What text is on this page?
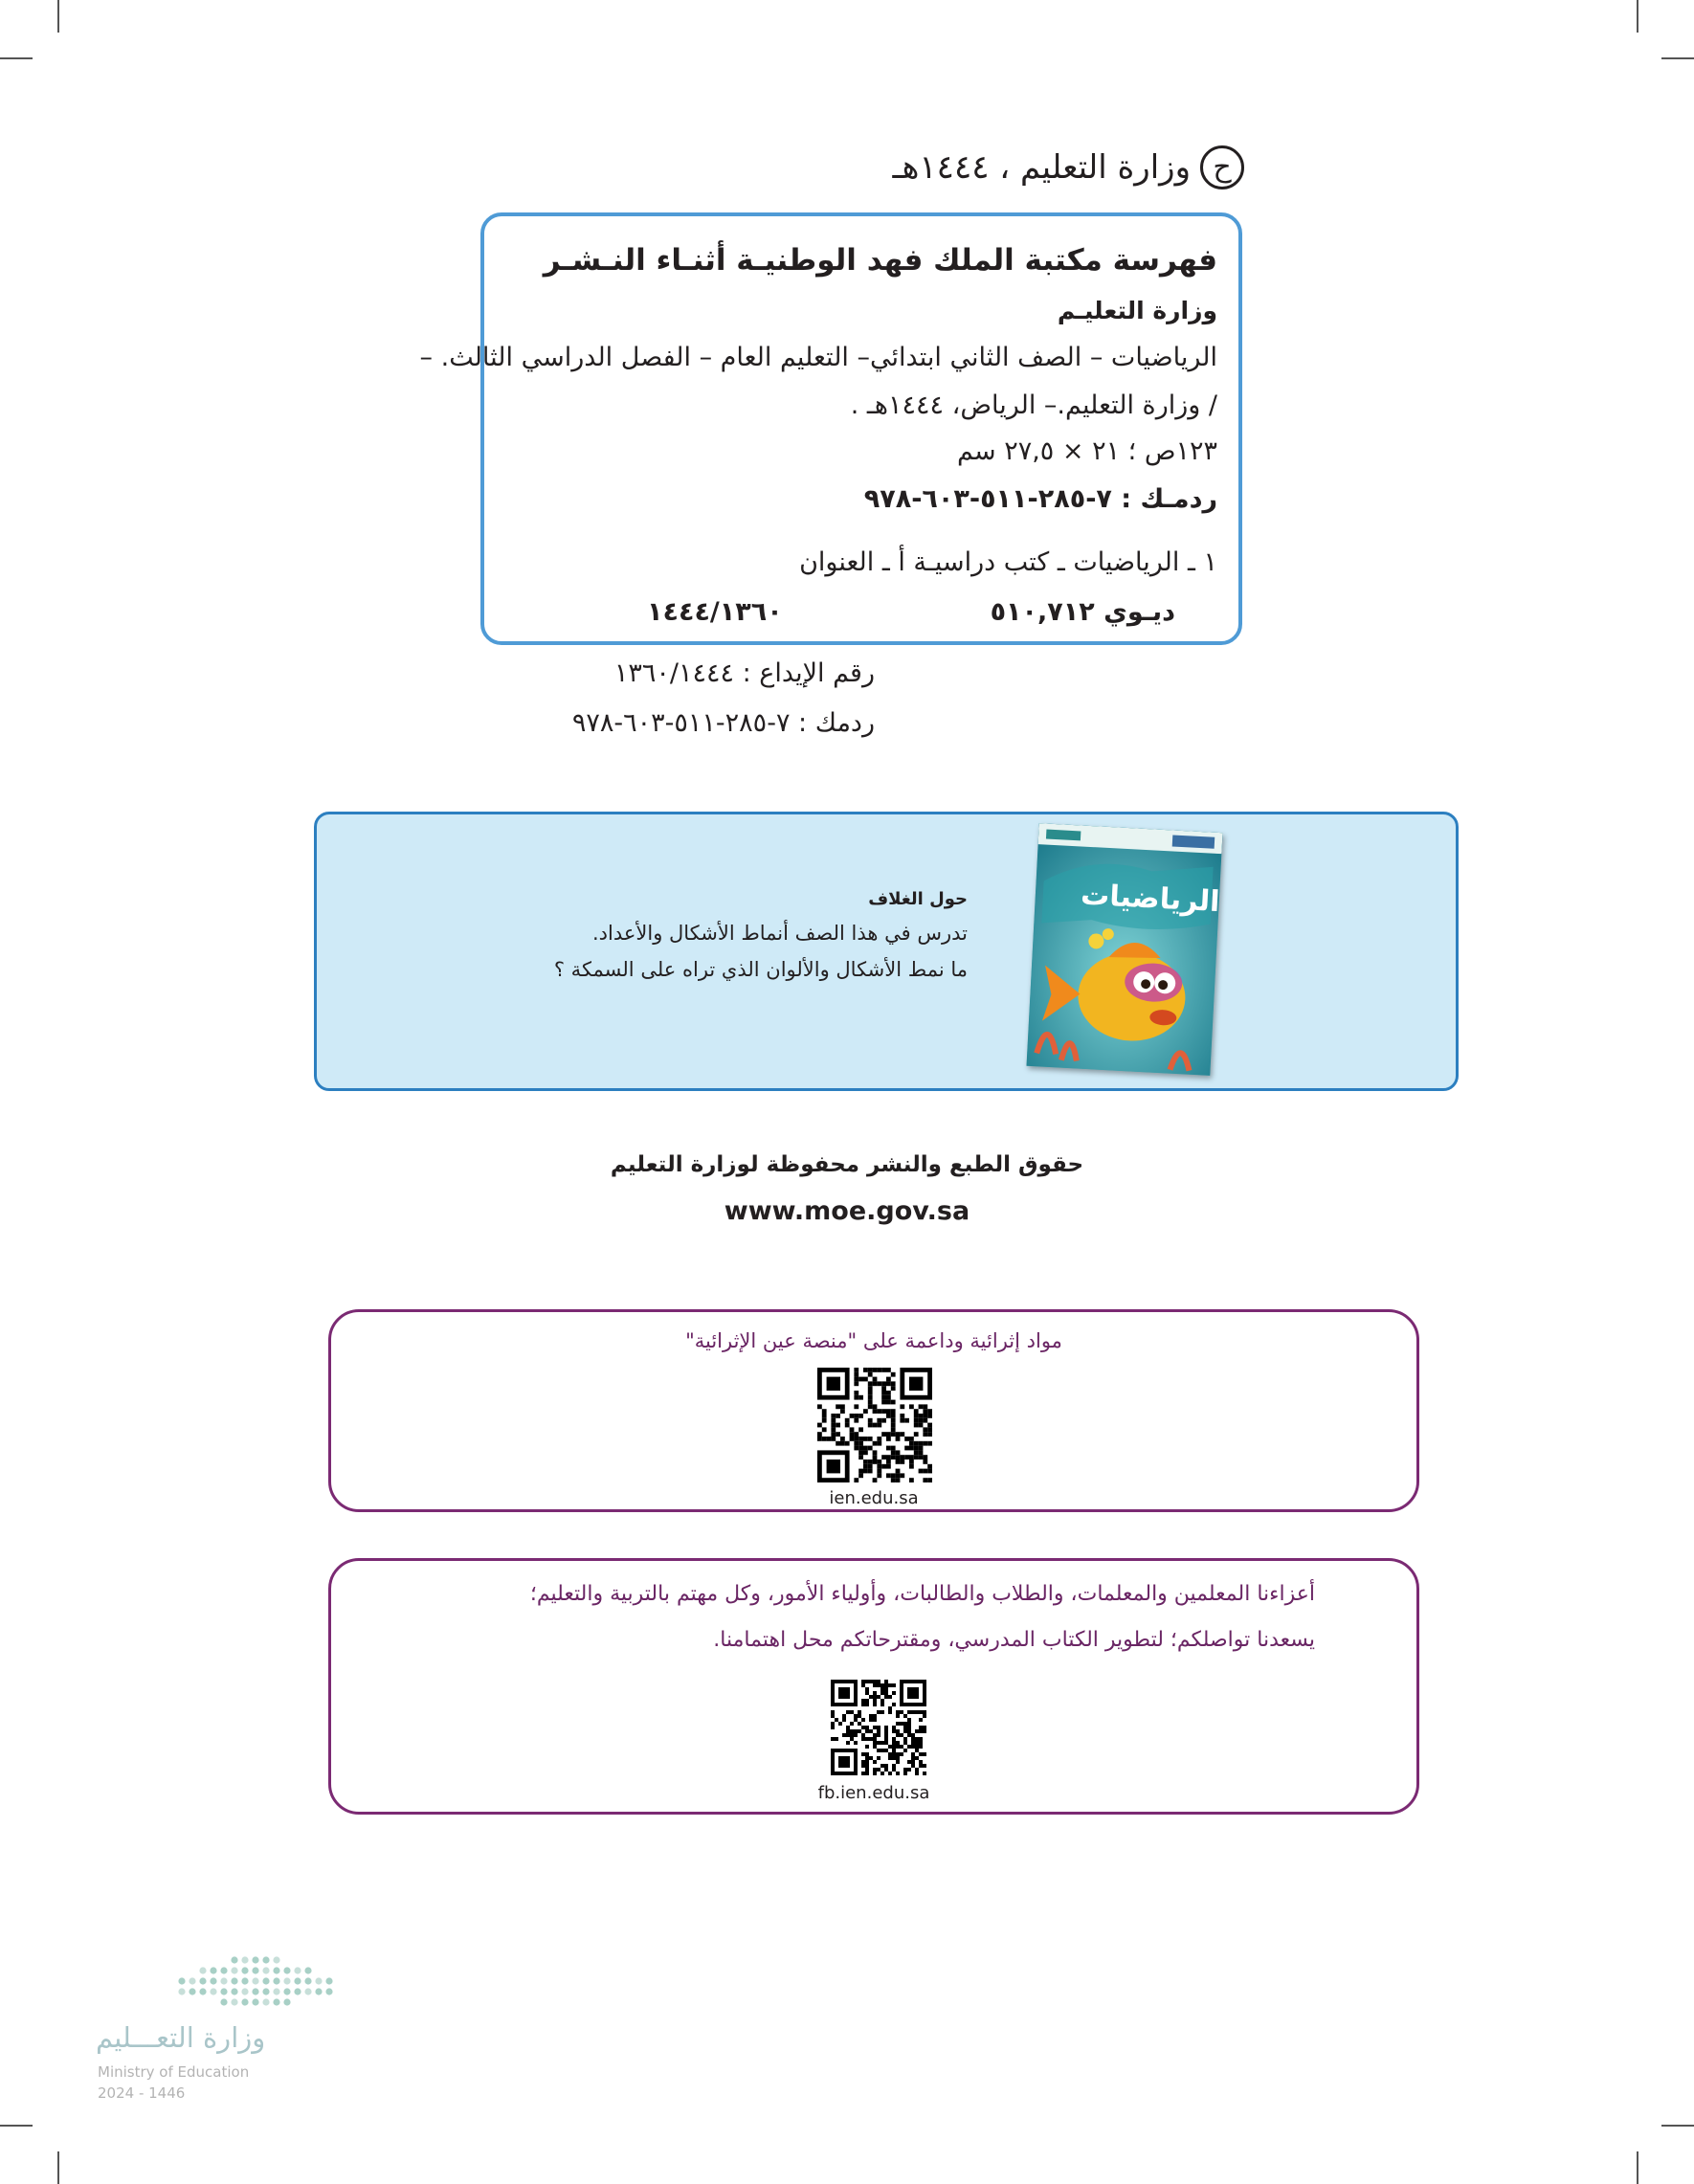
ح
وزارة التعليم ، ١٤٤٤هـ
فهرسة مكتبة الملك فهد الوطنيـة أثنـاء النـشـر
وزارة التعليـم
الرياضيات – الصف الثاني ابتدائي– التعليم العام – الفصل الدراسي الثالث. –
/ وزارة التعليم.– الرياض، ١٤٤٤هـ .
١٢٣ص ؛ ٢١ × ٢٧,٥ سم
ردمـك : ٧-٢٨٥-٥١١-٦٠٣-٩٧٨
١ ـ الرياضيات ـ كتب دراسيـة أ ـ العنوان
ديـوي ٥١٠,٧١٢
١٤٤٤/١٣٦٠
رقم الإيداع : ١٣٦٠/١٤٤٤
ردمك : ٧-٢٨٥-٥١١-٦٠٣-٩٧٨
الرياضيات
حول الغلاف
تدرس في هذا الصف أنماط الأشكال والأعداد.
ما نمط الأشكال والألوان الذي تراه على السمكة ؟
حقوق الطبع والنشر محفوظة لوزارة التعليم
www.moe.gov.sa
مواد إثرائية وداعمة على "منصة عين الإثرائية"
ien.edu.sa
أعزاءنا المعلمين والمعلمات، والطلاب والطالبات، وأولياء الأمور، وكل مهتم بالتربية والتعليم؛
يسعدنا تواصلكم؛ لتطوير الكتاب المدرسي، ومقترحاتكم محل اهتمامنا.
fb.ien.edu.sa
وزارة التعـــليم
Ministry of Education
2024 - 1446
